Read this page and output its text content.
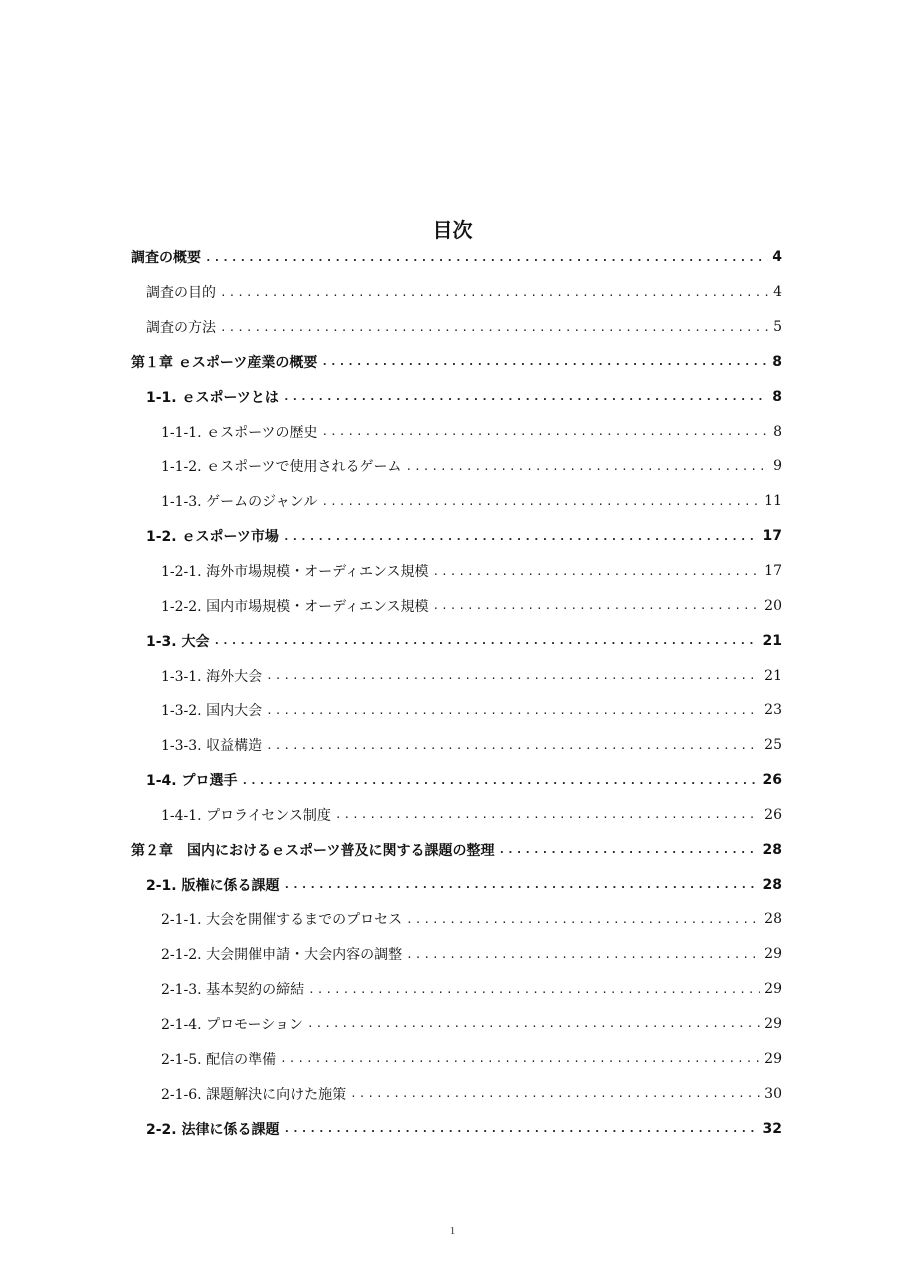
目次
調査の概要 .....	4
調査の目的 .....	4
調査の方法 .....	5
第１章 ｅスポーツ産業の概要 .....	8
1-1. ｅスポーツとは .....	8
1-1-1. ｅスポーツの歴史 .....	8
1-1-2. ｅスポーツで使用されるゲーム .....	9
1-1-3. ゲームのジャンル .....	11
1-2. ｅスポーツ市場 .....	17
1-2-1. 海外市場規模・オーディエンス規模 .....	17
1-2-2. 国内市場規模・オーディエンス規模 .....	20
1-3. 大会 .....	21
1-3-1. 海外大会 .....	21
1-3-2. 国内大会 .....	23
1-3-3. 収益構造 .....	25
1-4. プロ選手 .....	26
1-4-1. プロライセンス制度 .....	26
第２章　国内におけるｅスポーツ普及に関する課題の整理 .....	28
2-1. 版権に係る課題 .....	28
2-1-1. 大会を開催するまでのプロセス .....	28
2-1-2. 大会開催申請・大会内容の調整 .....	29
2-1-3. 基本契約の締結 .....	29
2-1-4. プロモーション .....	29
2-1-5. 配信の準備 .....	29
2-1-6. 課題解決に向けた施策 .....	30
2-2. 法律に係る課題 .....	32
1
